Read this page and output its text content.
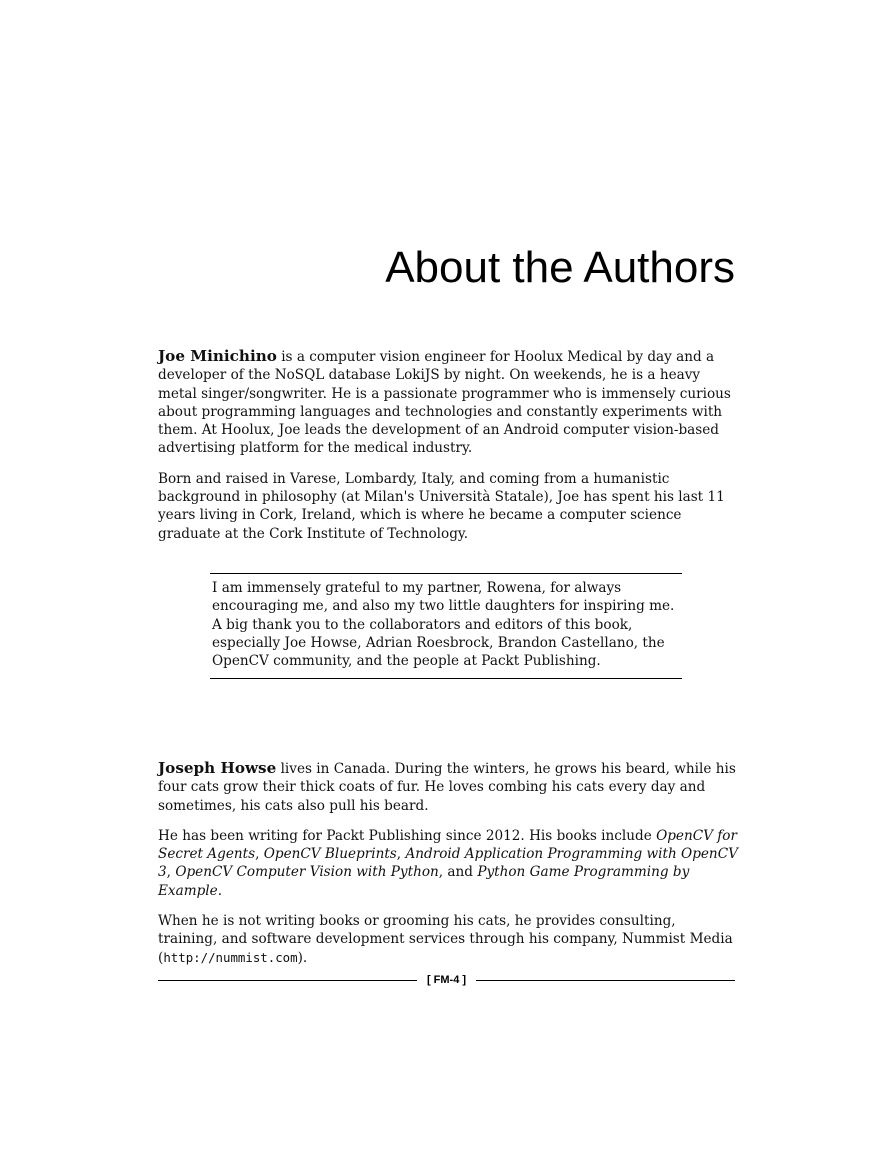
About the Authors

Joe Minichino is a computer vision engineer for Hoolux Medical by day and a developer of the NoSQL database LokiJS by night. On weekends, he is a heavy metal singer/songwriter. He is a passionate programmer who is immensely curious about programming languages and technologies and constantly experiments with them. At Hoolux, Joe leads the development of an Android computer vision-based advertising platform for the medical industry.

Born and raised in Varese, Lombardy, Italy, and coming from a humanistic background in philosophy (at Milan's Università Statale), Joe has spent his last 11 years living in Cork, Ireland, which is where he became a computer science graduate at the Cork Institute of Technology.

I am immensely grateful to my partner, Rowena, for always encouraging me, and also my two little daughters for inspiring me. A big thank you to the collaborators and editors of this book, especially Joe Howse, Adrian Roesbrock, Brandon Castellano, the OpenCV community, and the people at Packt Publishing.

Joseph Howse lives in Canada. During the winters, he grows his beard, while his four cats grow their thick coats of fur. He loves combing his cats every day and sometimes, his cats also pull his beard.

He has been writing for Packt Publishing since 2012. His books include OpenCV for Secret Agents, OpenCV Blueprints, Android Application Programming with OpenCV 3, OpenCV Computer Vision with Python, and Python Game Programming by Example.

When he is not writing books or grooming his cats, he provides consulting, training, and software development services through his company, Nummist Media (http://nummist.com).

[ FM-4 ]
